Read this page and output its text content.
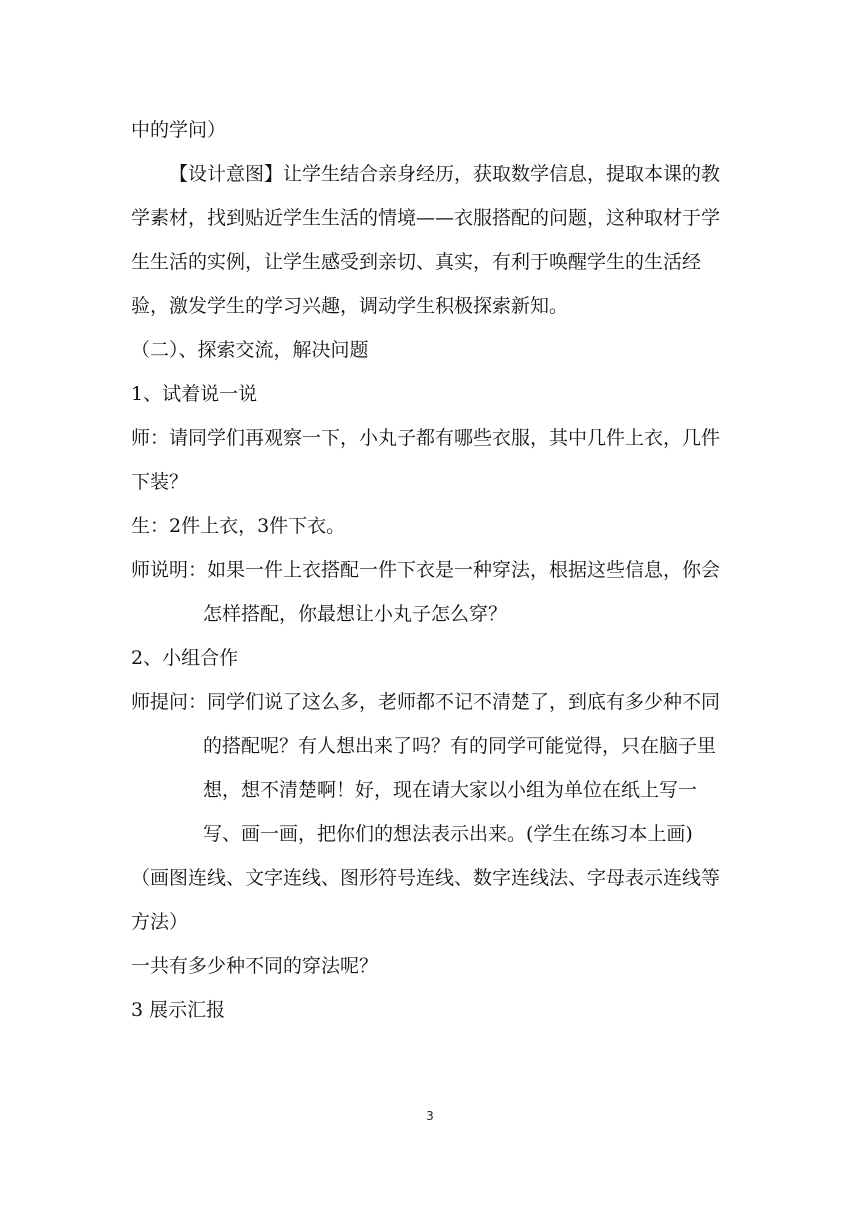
中的学问）

【设计意图】让学生结合亲身经历，获取数学信息，提取本课的教学素材，找到贴近学生生活的情境——衣服搭配的问题，这种取材于学生生活的实例，让学生感受到亲切、真实，有利于唤醒学生的生活经验，激发学生的学习兴趣，调动学生积极探索新知。

（二）、探索交流，解决问题

1、试着说一说

师：请同学们再观察一下，小丸子都有哪些衣服，其中几件上衣，几件下装？

生：2件上衣，3件下衣。

师说明：如果一件上衣搭配一件下衣是一种穿法，根据这些信息，你会怎样搭配，你最想让小丸子怎么穿？

2、小组合作

师提问：同学们说了这么多，老师都不记不清楚了，到底有多少种不同的搭配呢？有人想出来了吗？有的同学可能觉得，只在脑子里想，想不清楚啊！好，现在请大家以小组为单位在纸上写一写、画一画，把你们的想法表示出来。(学生在练习本上画)

（画图连线、文字连线、图形符号连线、数字连线法、字母表示连线等方法）

一共有多少种不同的穿法呢？

3 展示汇报

3
